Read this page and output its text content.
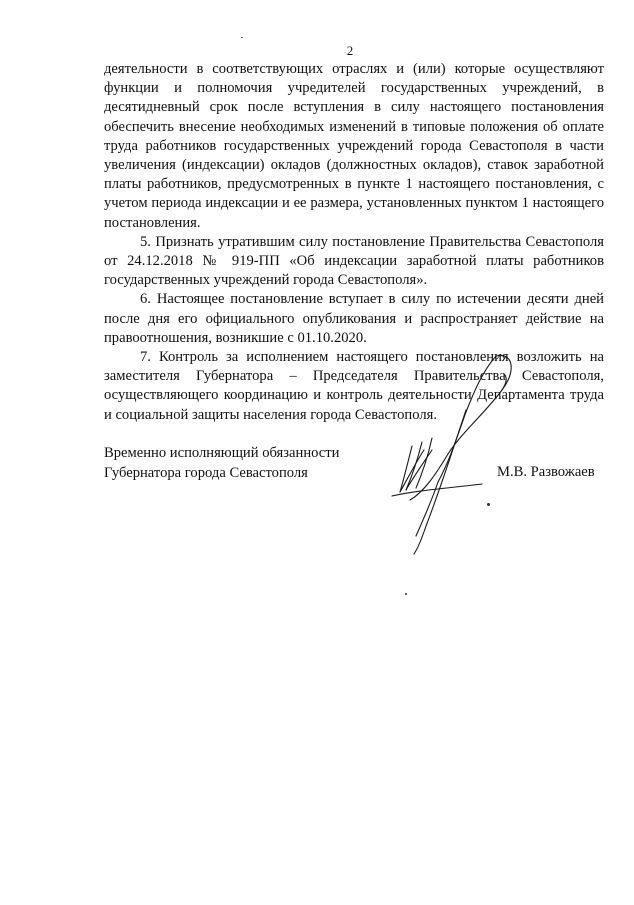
2

деятельности в соответствующих отраслях и (или) которые осуществляют функции и полномочия учредителей государственных учреждений, в десятидневный срок после вступления в силу настоящего постановления обеспечить внесение необходимых изменений в типовые положения об оплате труда работников государственных учреждений города Севастополя в части увеличения (индексации) окладов (должностных окладов), ставок заработной платы работников, предусмотренных в пункте 1 настоящего постановления, с учетом периода индексации и ее размера, установленных пунктом 1 настоящего постановления.

5. Признать утратившим силу постановление Правительства Севастополя от 24.12.2018 № 919-ПП «Об индексации заработной платы работников государственных учреждений города Севастополя».

6. Настоящее постановление вступает в силу по истечении десяти дней после дня его официального опубликования и распространяет действие на правоотношения, возникшие с 01.10.2020.

7. Контроль за исполнением настоящего постановления возложить на заместителя Губернатора – Председателя Правительства Севастополя, осуществляющего координацию и контроль деятельности Департамента труда и социальной защиты населения города Севастополя.

Временно исполняющий обязанности
Губернатора города Севастополя	М.В. Развожаев
